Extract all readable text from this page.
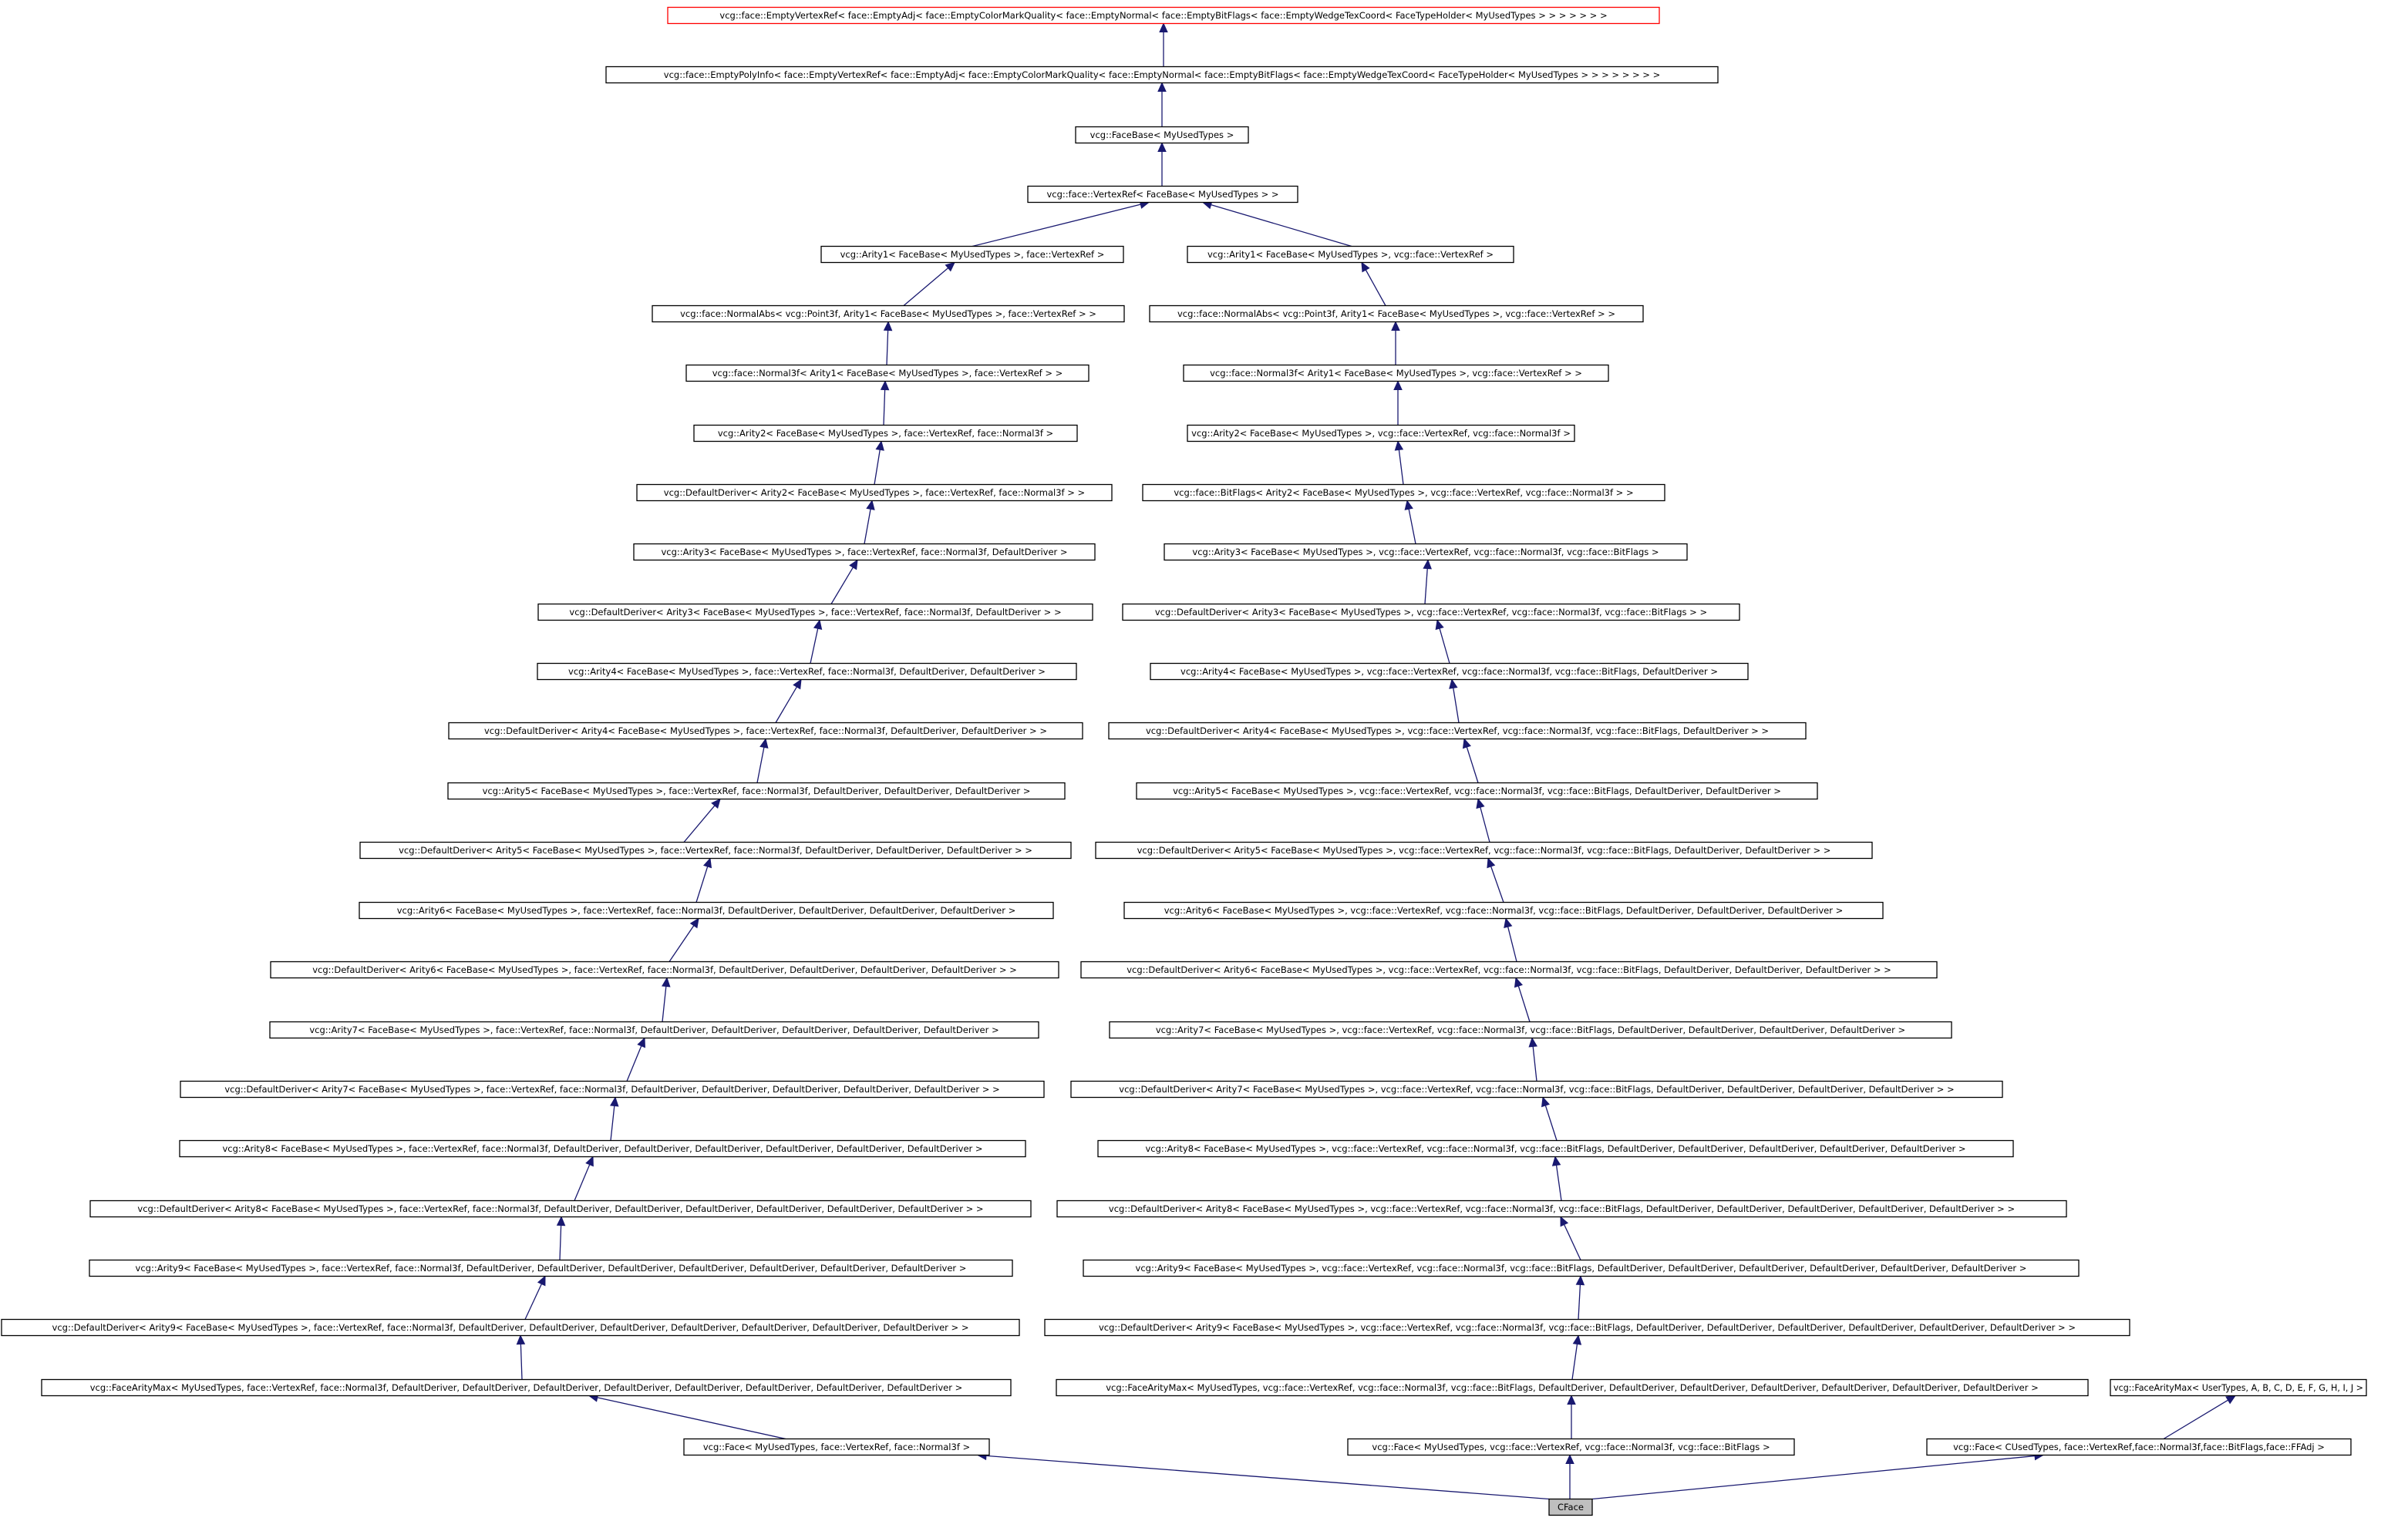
vcg::face::EmptyVertexRef< face::EmptyAdj< face::EmptyColorMarkQuality< face::EmptyNormal< face::EmptyBitFlags< face::EmptyWedgeTexCoord< FaceTypeHolder< MyUsedTypes > > > > > > >
vcg::face::EmptyPolyInfo< face::EmptyVertexRef< face::EmptyAdj< face::EmptyColorMarkQuality< face::EmptyNormal< face::EmptyBitFlags< face::EmptyWedgeTexCoord< FaceTypeHolder< MyUsedTypes > > > > > > > >
vcg::FaceBase< MyUsedTypes >
vcg::face::VertexRef< FaceBase< MyUsedTypes > >
vcg::Arity1< FaceBase< MyUsedTypes >, face::VertexRef >	vcg::Arity1< FaceBase< MyUsedTypes >, vcg::face::VertexRef >
vcg::face::NormalAbs< vcg::Point3f, Arity1< FaceBase< MyUsedTypes >, face::VertexRef > >	vcg::face::NormalAbs< vcg::Point3f, Arity1< FaceBase< MyUsedTypes >, vcg::face::VertexRef > >
vcg::face::Normal3f< Arity1< FaceBase< MyUsedTypes >, face::VertexRef > >	vcg::face::Normal3f< Arity1< FaceBase< MyUsedTypes >, vcg::face::VertexRef > >
vcg::Arity2< FaceBase< MyUsedTypes >, face::VertexRef, face::Normal3f >	vcg::Arity2< FaceBase< MyUsedTypes >, vcg::face::VertexRef, vcg::face::Normal3f >
vcg::DefaultDeriver< Arity2< FaceBase< MyUsedTypes >, face::VertexRef, face::Normal3f > >	vcg::face::BitFlags< Arity2< FaceBase< MyUsedTypes >, vcg::face::VertexRef, vcg::face::Normal3f > >
vcg::Arity3< FaceBase< MyUsedTypes >, face::VertexRef, face::Normal3f, DefaultDeriver >	vcg::Arity3< FaceBase< MyUsedTypes >, vcg::face::VertexRef, vcg::face::Normal3f, vcg::face::BitFlags >
vcg::DefaultDeriver< Arity3< FaceBase< MyUsedTypes >, face::VertexRef, face::Normal3f, DefaultDeriver > >	vcg::DefaultDeriver< Arity3< FaceBase< MyUsedTypes >, vcg::face::VertexRef, vcg::face::Normal3f, vcg::face::BitFlags > >
vcg::Arity4< FaceBase< MyUsedTypes >, face::VertexRef, face::Normal3f, DefaultDeriver, DefaultDeriver >	vcg::Arity4< FaceBase< MyUsedTypes >, vcg::face::VertexRef, vcg::face::Normal3f, vcg::face::BitFlags, DefaultDeriver >
vcg::DefaultDeriver< Arity4< FaceBase< MyUsedTypes >, face::VertexRef, face::Normal3f, DefaultDeriver, DefaultDeriver > >	vcg::DefaultDeriver< Arity4< FaceBase< MyUsedTypes >, vcg::face::VertexRef, vcg::face::Normal3f, vcg::face::BitFlags, DefaultDeriver > >
vcg::Arity5< FaceBase< MyUsedTypes >, face::VertexRef, face::Normal3f, DefaultDeriver, DefaultDeriver, DefaultDeriver >	vcg::Arity5< FaceBase< MyUsedTypes >, vcg::face::VertexRef, vcg::face::Normal3f, vcg::face::BitFlags, DefaultDeriver, DefaultDeriver >
vcg::DefaultDeriver< Arity5< FaceBase< MyUsedTypes >, face::VertexRef, face::Normal3f, DefaultDeriver, DefaultDeriver, DefaultDeriver > >	vcg::DefaultDeriver< Arity5< FaceBase< MyUsedTypes >, vcg::face::VertexRef, vcg::face::Normal3f, vcg::face::BitFlags, DefaultDeriver, DefaultDeriver > >
vcg::Arity6< FaceBase< MyUsedTypes >, face::VertexRef, face::Normal3f, DefaultDeriver, DefaultDeriver, DefaultDeriver, DefaultDeriver >	vcg::Arity6< FaceBase< MyUsedTypes >, vcg::face::VertexRef, vcg::face::Normal3f, vcg::face::BitFlags, DefaultDeriver, DefaultDeriver, DefaultDeriver >
vcg::DefaultDeriver< Arity6< FaceBase< MyUsedTypes >, face::VertexRef, face::Normal3f, DefaultDeriver, DefaultDeriver, DefaultDeriver, DefaultDeriver > >	vcg::DefaultDeriver< Arity6< FaceBase< MyUsedTypes >, vcg::face::VertexRef, vcg::face::Normal3f, vcg::face::BitFlags, DefaultDeriver, DefaultDeriver, DefaultDeriver > >
vcg::Arity7< FaceBase< MyUsedTypes >, face::VertexRef, face::Normal3f, DefaultDeriver, DefaultDeriver, DefaultDeriver, DefaultDeriver, DefaultDeriver >	vcg::Arity7< FaceBase< MyUsedTypes >, vcg::face::VertexRef, vcg::face::Normal3f, vcg::face::BitFlags, DefaultDeriver, DefaultDeriver, DefaultDeriver, DefaultDeriver >
vcg::DefaultDeriver< Arity7< FaceBase< MyUsedTypes >, face::VertexRef, face::Normal3f, DefaultDeriver, DefaultDeriver, DefaultDeriver, DefaultDeriver, DefaultDeriver > >	vcg::DefaultDeriver< Arity7< FaceBase< MyUsedTypes >, vcg::face::VertexRef, vcg::face::Normal3f, vcg::face::BitFlags, DefaultDeriver, DefaultDeriver, DefaultDeriver, DefaultDeriver > >
vcg::Arity8< FaceBase< MyUsedTypes >, face::VertexRef, face::Normal3f, DefaultDeriver, DefaultDeriver, DefaultDeriver, DefaultDeriver, DefaultDeriver, DefaultDeriver >	vcg::Arity8< FaceBase< MyUsedTypes >, vcg::face::VertexRef, vcg::face::Normal3f, vcg::face::BitFlags, DefaultDeriver, DefaultDeriver, DefaultDeriver, DefaultDeriver, DefaultDeriver >
vcg::DefaultDeriver< Arity8< FaceBase< MyUsedTypes >, face::VertexRef, face::Normal3f, DefaultDeriver, DefaultDeriver, DefaultDeriver, DefaultDeriver, DefaultDeriver, DefaultDeriver > >	vcg::DefaultDeriver< Arity8< FaceBase< MyUsedTypes >, vcg::face::VertexRef, vcg::face::Normal3f, vcg::face::BitFlags, DefaultDeriver, DefaultDeriver, DefaultDeriver, DefaultDeriver, DefaultDeriver > >
vcg::Arity9< FaceBase< MyUsedTypes >, face::VertexRef, face::Normal3f, DefaultDeriver, DefaultDeriver, DefaultDeriver, DefaultDeriver, DefaultDeriver, DefaultDeriver, DefaultDeriver >	vcg::Arity9< FaceBase< MyUsedTypes >, vcg::face::VertexRef, vcg::face::Normal3f, vcg::face::BitFlags, DefaultDeriver, DefaultDeriver, DefaultDeriver, DefaultDeriver, DefaultDeriver, DefaultDeriver >
vcg::DefaultDeriver< Arity9< FaceBase< MyUsedTypes >, face::VertexRef, face::Normal3f, DefaultDeriver, DefaultDeriver, DefaultDeriver, DefaultDeriver, DefaultDeriver, DefaultDeriver, DefaultDeriver > >	vcg::DefaultDeriver< Arity9< FaceBase< MyUsedTypes >, vcg::face::VertexRef, vcg::face::Normal3f, vcg::face::BitFlags, DefaultDeriver, DefaultDeriver, DefaultDeriver, DefaultDeriver, DefaultDeriver, DefaultDeriver > >
vcg::FaceArityMax< MyUsedTypes, face::VertexRef, face::Normal3f, DefaultDeriver, DefaultDeriver, DefaultDeriver, DefaultDeriver, DefaultDeriver, DefaultDeriver, DefaultDeriver, DefaultDeriver >	vcg::FaceArityMax< MyUsedTypes, vcg::face::VertexRef, vcg::face::Normal3f, vcg::face::BitFlags, DefaultDeriver, DefaultDeriver, DefaultDeriver, DefaultDeriver, DefaultDeriver, DefaultDeriver, DefaultDeriver >	vcg::FaceArityMax< UserTypes, A, B, C, D, E, F, G, H, I, J >
vcg::Face< MyUsedTypes, face::VertexRef, face::Normal3f >	vcg::Face< MyUsedTypes, vcg::face::VertexRef, vcg::face::Normal3f, vcg::face::BitFlags >	vcg::Face< CUsedTypes, face::VertexRef,face::Normal3f,face::BitFlags,face::FFAdj >
CFace
